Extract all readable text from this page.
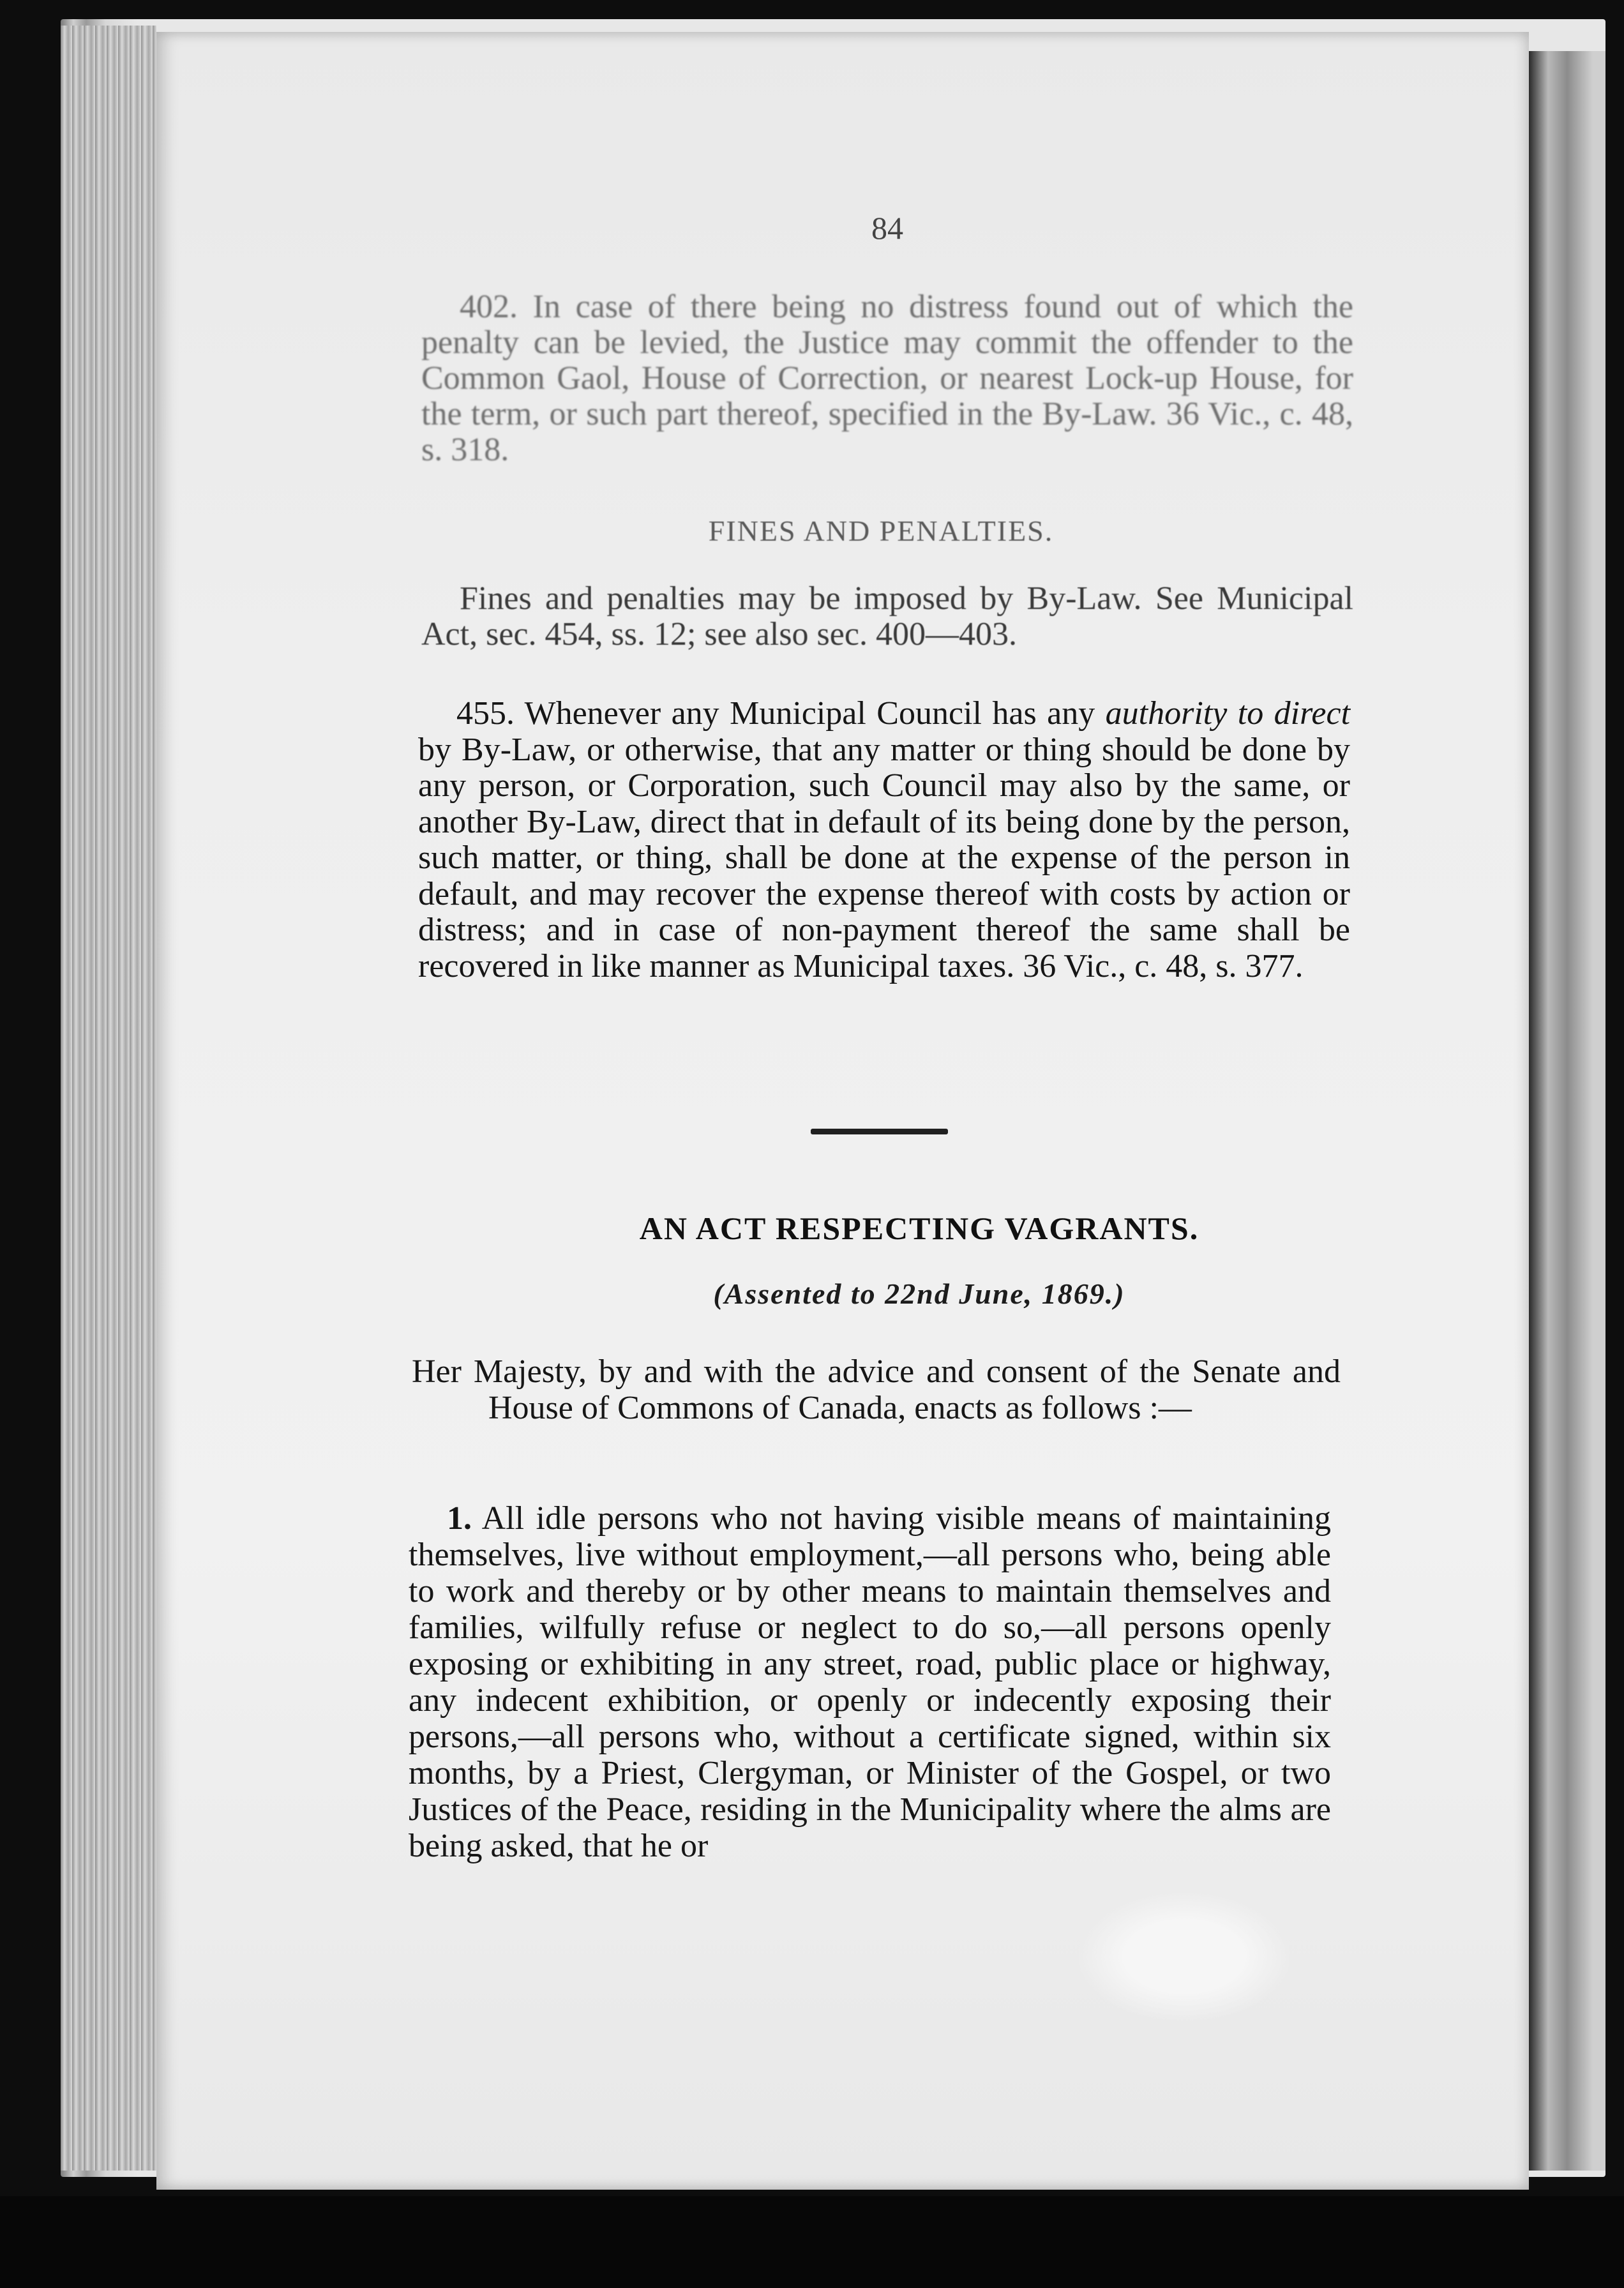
84
402. In case of there being no distress found out of which the penalty can be levied, the Justice may commit the offender to the Common Gaol, House of Correction, or nearest Lock-up House, for the term, or such part thereof, specified in the By-Law. 36 Vic., c. 48, s. 318.
FINES AND PENALTIES.
Fines and penalties may be imposed by By-Law. See Municipal Act, sec. 454, ss. 12; see also sec. 400—403.
455. Whenever any Municipal Council has any authority to direct by By-Law, or otherwise, that any matter or thing should be done by any person, or Corporation, such Council may also by the same, or another By-Law, direct that in default of its being done by the person, such matter, or thing, shall be done at the expense of the person in default, and may recover the expense thereof with costs by action or distress; and in case of non-payment thereof the same shall be recovered in like manner as Municipal taxes. 36 Vic., c. 48, s. 377.
AN ACT RESPECTING VAGRANTS.
(Assented to 22nd June, 1869.)
Her Majesty, by and with the advice and consent of the Senate and House of Commons of Canada, enacts as follows :—
1. All idle persons who not having visible means of maintaining themselves, live without employment,—all persons who, being able to work and thereby or by other means to maintain themselves and families, wilfully refuse or neglect to do so,—all persons openly exposing or exhibiting in any street, road, public place or highway, any indecent exhibition, or openly or indecently exposing their persons,—all persons who, without a certificate signed, within six months, by a Priest, Clergyman, or Minister of the Gospel, or two Justices of the Peace, residing in the Municipality where the alms are being asked, that he or
